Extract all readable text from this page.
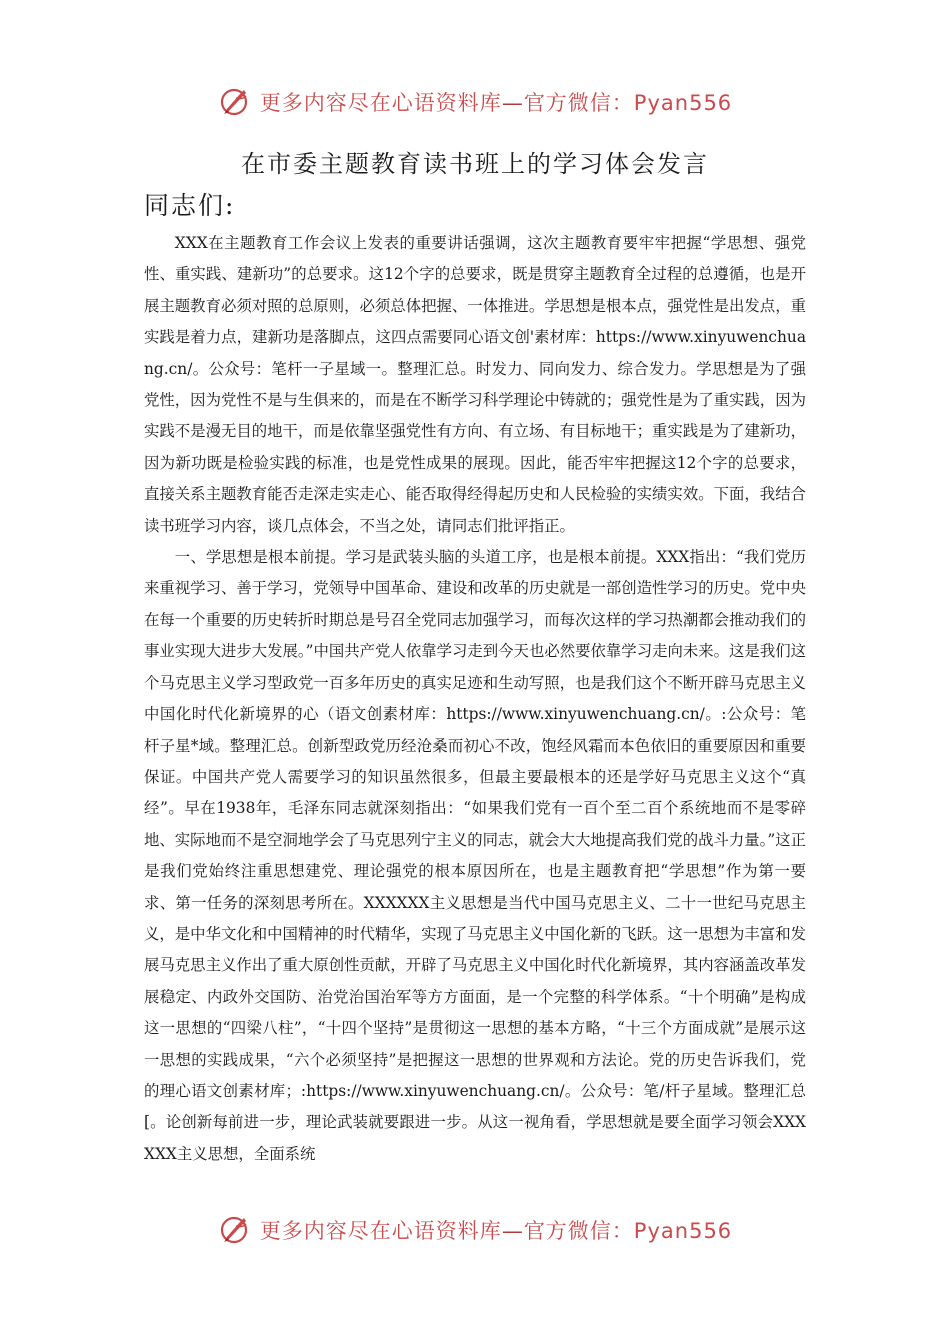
更多内容尽在心语资料库—官方微信：Pyan556
在市委主题教育读书班上的学习体会发言
同志们:

XXX在主题教育工作会议上发表的重要讲话强调，这次主题教育要牢牢把握“学思想、强党性、重实践、建新功”的总要求。这12个字的总要求，既是贯穿主题教育全过程的总遵循，也是开展主题教育必须对照的总原则，必须总体把握、一体推进。学思想是根本点，强党性是出发点，重实践是着力点，建新功是落脚点，这四点需要同心语文创'素材库：https://www.xinyuwenchuang.cn/。公众号：笔杆一子星域一。整理汇总。时发力、同向发力、综合发力。学思想是为了强党性，因为党性不是与生俱来的，而是在不断学习科学理论中铸就的；强党性是为了重实践，因为实践不是漫无目的地干，而是依靠坚强党性有方向、有立场、有目标地干；重实践是为了建新功，因为新功既是检验实践的标准，也是党性成果的展现。因此，能否牢牢把握这12个字的总要求，直接关系主题教育能否走深走实走心、能否取得经得起历史和人民检验的实绩实效。下面，我结合读书班学习内容，谈几点体会，不当之处，请同志们批评指正。

一、学思想是根本前提。学习是武装头脑的头道工序，也是根本前提。XXX指出：“我们党历来重视学习、善于学习，党领导中国革命、建设和改革的历史就是一部创造性学习的历史。党中央在每一个重要的历史转折时期总是号召全党同志加强学习，而每次这样的学习热潮都会推动我们的事业实现大进步大发展。”中国共产党人依靠学习走到今天也必然要依靠学习走向未来。这是我们这个马克思主义学习型政党一百多年历史的真实足迹和生动写照，也是我们这个不断开辟马克思主义中国化时代化新境界的心（语文创素材库：https://www.xinyuwenchuang.cn/。:公众号：笔杆子星*域。整理汇总。创新型政党历经沧桑而初心不改，饱经风霜而本色依旧的重要原因和重要保证。中国共产党人需要学习的知识虽然很多，但最主要最根本的还是学好马克思主义这个“真经”。早在1938年，毛泽东同志就深刻指出：“如果我们党有一百个至二百个系统地而不是零碎地、实际地而不是空洞地学会了马克思列宁主义的同志，就会大大地提高我们党的战斗力量。”这正是我们党始终注重思想建党、理论强党的根本原因所在，也是主题教育把“学思想”作为第一要求、第一任务的深刻思考所在。XXXXXX主义思想是当代中国马克思主义、二十一世纪马克思主义，是中华文化和中国精神的时代精华，实现了马克思主义中国化新的飞跃。这一思想为丰富和发展马克思主义作出了重大原创性贡献，开辟了马克思主义中国化时代化新境界，其内容涵盖改革发展稳定、内政外交国防、治党治国治军等方方面面，是一个完整的科学体系。“十个明确”是构成这一思想的“四梁八柱”，“十四个坚持”是贯彻这一思想的基本方略，“十三个方面成就”是展示这一思想的实践成果，“六个必须坚持”是把握这一思想的世界观和方法论。党的历史告诉我们，党的理心语文创素材库；:https://www.xinyuwenchuang.cn/。公众号：笔/杆子星域。整理汇总[。论创新每前进一步，理论武装就要跟进一步。从这一视角看，学思想就是要全面学习领会XXXXXX主义思想，全面系统

更多内容尽在心语资料库—官方微信：Pyan556
